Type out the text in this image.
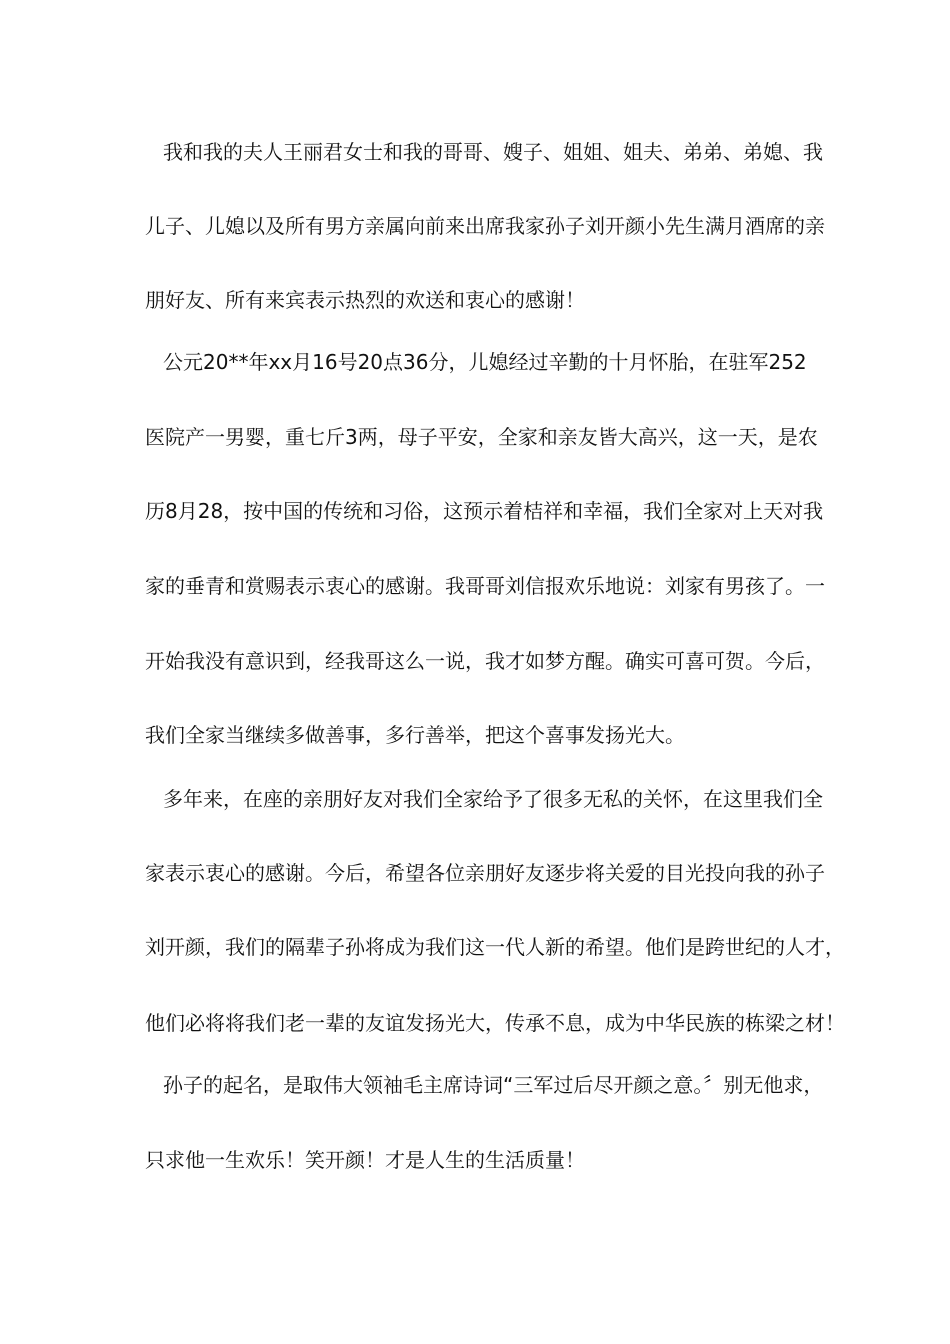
我和我的夫人王丽君女士和我的哥哥、嫂子、姐姐、姐夫、弟弟、弟媳、我
儿子、儿媳以及所有男方亲属向前来出席我家孙子刘开颜小先生满月酒席的亲
朋好友、所有来宾表示热烈的欢送和衷心的感谢！
公元20**年xx月16号20点36分，儿媳经过辛勤的十月怀胎，在驻军252
医院产一男婴，重七斤3两，母子平安，全家和亲友皆大高兴，这一天，是农
历8月28，按中国的传统和习俗，这预示着桔祥和幸福，我们全家对上天对我
家的垂青和赏赐表示衷心的感谢。我哥哥刘信报欢乐地说：刘家有男孩了。一
开始我没有意识到，经我哥这么一说，我才如梦方醒。确实可喜可贺。今后，
我们全家当继续多做善事，多行善举，把这个喜事发扬光大。
多年来，在座的亲朋好友对我们全家给予了很多无私的关怀，在这里我们全
家表示衷心的感谢。今后，希望各位亲朋好友逐步将关爱的目光投向我的孙子
刘开颜，我们的隔辈子孙将成为我们这一代人新的希望。他们是跨世纪的人才，
他们必将将我们老一辈的友谊发扬光大，传承不息，成为中华民族的栋梁之材！
孙子的起名，是取伟大领袖毛主席诗词“三军过后尽开颜之意。〞别无他求，
只求他一生欢乐！笑开颜！才是人生的生活质量！
